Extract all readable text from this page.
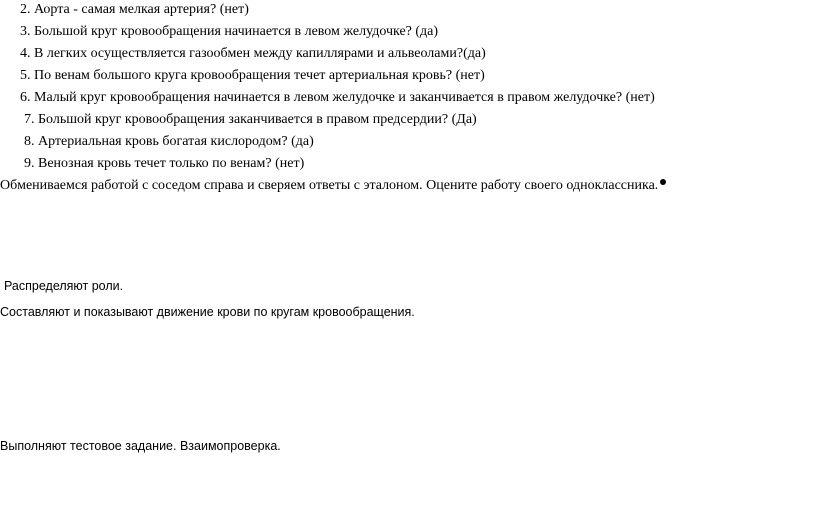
2. Аорта - самая мелкая артерия? (нет)
3. Большой круг кровообращения начинается в левом желудочке? (да)
4. В легких осуществляется газообмен между капиллярами и альвеолами?(да)
5. По венам большого круга кровообращения течет артериальная кровь? (нет)
6. Малый круг кровообращения начинается в левом желудочке и заканчивается в правом желудочке? (нет)
7. Большой круг кровообращения заканчивается в правом предсердии? (Да)
8. Артериальная кровь богатая кислородом? (да)
9. Венозная кровь течет только по венам? (нет)
Обмениваемся работой с соседом справа и сверяем ответы с эталоном. Оцените работу своего одноклассника.
Распределяют роли.
Составляют и показывают движение крови по кругам кровообращения.
Выполняют тестовое задание. Взаимопроверка.
